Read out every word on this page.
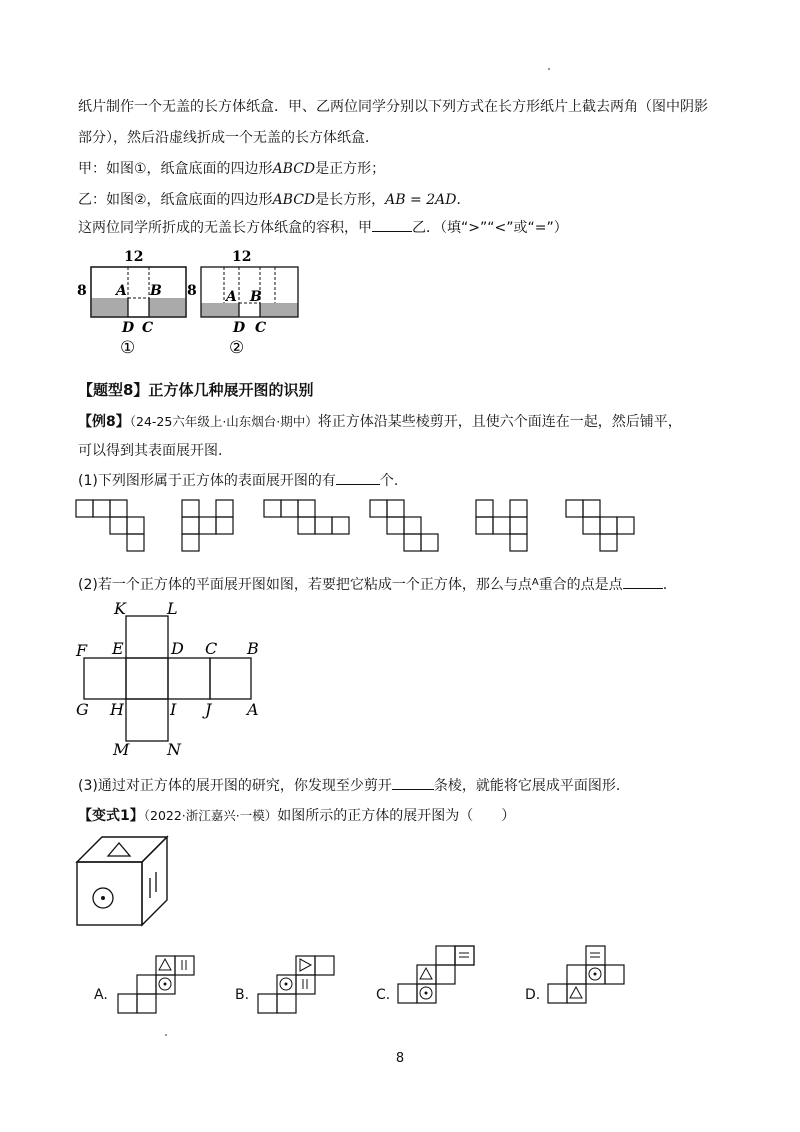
纸片制作一个无盖的长方体纸盒．甲、乙两位同学分别以下列方式在长方形纸片上截去两角（图中阴影
部分），然后沿虚线折成一个无盖的长方体纸盒．
甲：如图①，纸盒底面的四边形ABCD是正方形；
乙：如图②，纸盒底面的四边形ABCD是长方形，AB = 2AD．
这两位同学所折成的无盖长方体纸盒的容积，甲	乙．（填“>”“<”或“=”）
12
8 A B
D C
①
12
8 A B
D C
②
【题型8】正方体几种展开图的识别
【例8】（24-25六年级上·山东烟台·期中）将正方体沿某些棱剪开，且使六个面连在一起，然后铺平，
可以得到其表面展开图.
(1)下列图形属于正方体的表面展开图的有	个.
(2)若一个正方体的平面展开图如图，若要把它粘成一个正方体，那么与点$^A$重合的点是点	.
K	L
F E	D C B
G H	I J A
M N
(3)通过对正方体的展开图的研究，你发现至少剪开	条棱，就能将它展成平面图形.
【变式1】（2022·浙江嘉兴·一模）如图所示的正方体的展开图为（　　）
A.	B.	C.	D.
8
